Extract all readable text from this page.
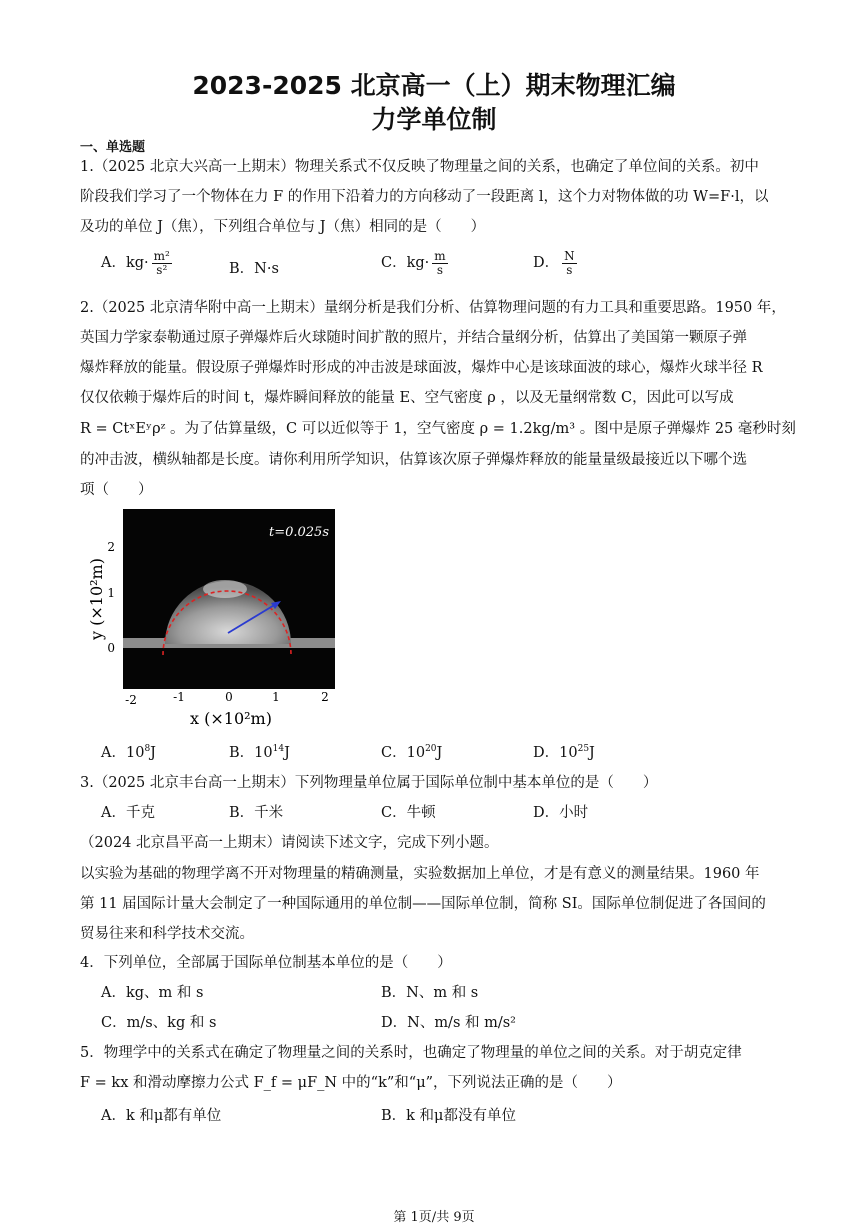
2023-2025 北京高一（上）期末物理汇编
力学单位制
一、单选题
1.（2025 北京大兴高一上期末）物理关系式不仅反映了物理量之间的关系，也确定了单位间的关系。初中
阶段我们学习了一个物体在力 F 的作用下沿着力的方向移动了一段距离 l，这个力对物体做的功 W=F·l，以
及功的单位 J（焦），下列组合单位与 J（焦）相同的是（　　）
A．$kg\cdot \frac{\text{m²}}{\text{s²}}$	B．N·s	C．$kg\cdot \frac{m}{s}$	D． $\frac{N}{s}$
2.（2025 北京清华附中高一上期末）量纲分析是我们分析、估算物理问题的有力工具和重要思路。1950 年，
英国力学家泰勒通过原子弹爆炸后火球随时间扩散的照片，并结合量纲分析，估算出了美国第一颗原子弹
爆炸释放的能量。假设原子弹爆炸时形成的冲击波是球面波，爆炸中心是该球面波的球心，爆炸火球半径 R
仅仅依赖于爆炸后的时间 t，爆炸瞬间释放的能量 E、空气密度 ρ ，以及无量纲常数 C，因此可以写成
R = CtˣEʸρᶻ 。为了估算量级，C 可以近似等于 1，空气密度 ρ = 1.2kg/m³ 。图中是原子弹爆炸 25 毫秒时刻
的冲击波，横纵轴都是长度。请你利用所学知识，估算该次原子弹爆炸释放的能量量级最接近以下哪个选
项（　　）
t=0.025s
2
1
0
-2	-1	0	1	2
x (×10²m)
y (×10²m)
A．$10^8J$	B．$10^{14}J$	C．$10^{20}J$	D．$10^{25}J$
3.（2025 北京丰台高一上期末）下列物理量单位属于国际单位制中基本单位的是（　　）
A．千克	B．千米	C．牛顿	D．小时
（2024 北京昌平高一上期末）请阅读下述文字，完成下列小题。
以实验为基础的物理学离不开对物理量的精确测量，实验数据加上单位，才是有意义的测量结果。1960 年
第 11 届国际计量大会制定了一种国际通用的单位制——国际单位制，简称 SI。国际单位制促进了各国间的
贸易往来和科学技术交流。
4．下列单位，全部属于国际单位制基本单位的是（　　）
A．kg、m 和 s	B．N、m 和 s
C．m/s、kg 和 s	D．N、m/s 和 m/s²
5．物理学中的关系式在确定了物理量之间的关系时，也确定了物理量的单位之间的关系。对于胡克定律
F = kx 和滑动摩擦力公式 F_f = μF_N 中的“k”和“μ”，下列说法正确的是（　　）
A．k 和μ都有单位	B．k 和μ都没有单位
第 1页/共 9页
